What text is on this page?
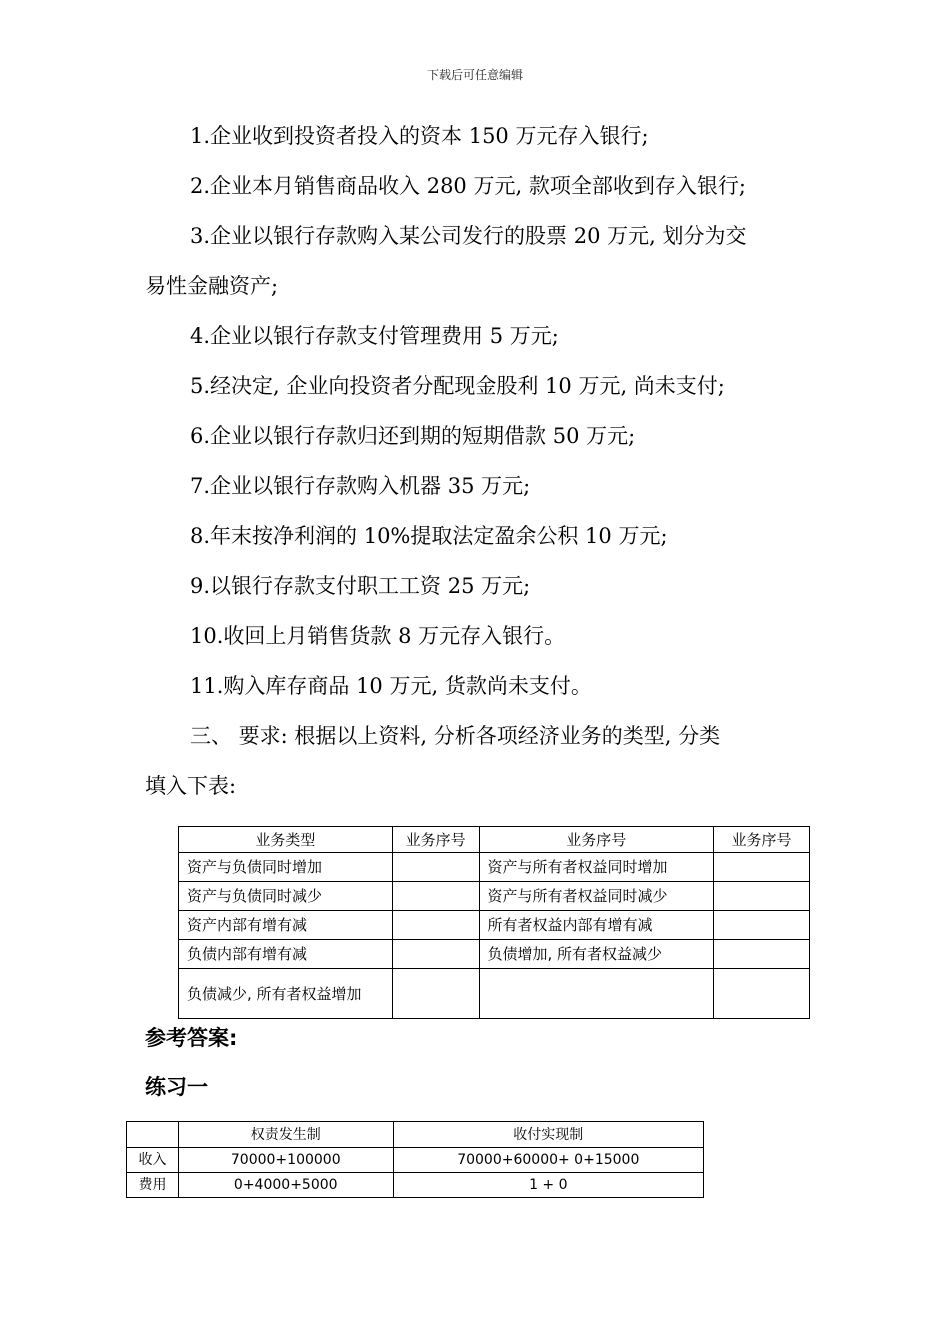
下载后可任意编辑
1.企业收到投资者投入的资本 150 万元存入银行;
2.企业本月销售商品收入 280 万元, 款项全部收到存入银行;
3.企业以银行存款购入某公司发行的股票 20 万元, 划分为交
易性金融资产;
4.企业以银行存款支付管理费用 5 万元;
5.经决定, 企业向投资者分配现金股利 10 万元, 尚未支付;
6.企业以银行存款归还到期的短期借款 50 万元;
7.企业以银行存款购入机器 35 万元;
8.年末按净利润的 10%提取法定盈余公积 10 万元;
9.以银行存款支付职工工资 25 万元;
10.收回上月销售货款 8 万元存入银行。
11.购入库存商品 10 万元, 货款尚未支付。
三、 要求: 根据以上资料, 分析各项经济业务的类型, 分类
填入下表:
业务类型	业务序号	业务序号	业务序号
资产与负债同时增加		资产与所有者权益同时增加	
资产与负债同时减少		资产与所有者权益同时减少	
资产内部有增有减		所有者权益内部有增有减	
负债内部有增有减		负债增加, 所有者权益减少	
负债减少, 所有者权益增加			
参考答案:
练习一
	权责发生制	收付实现制
收入	70000+100000	70000+60000+ 0+15000
费用	0+4000+5000	1 + 0
